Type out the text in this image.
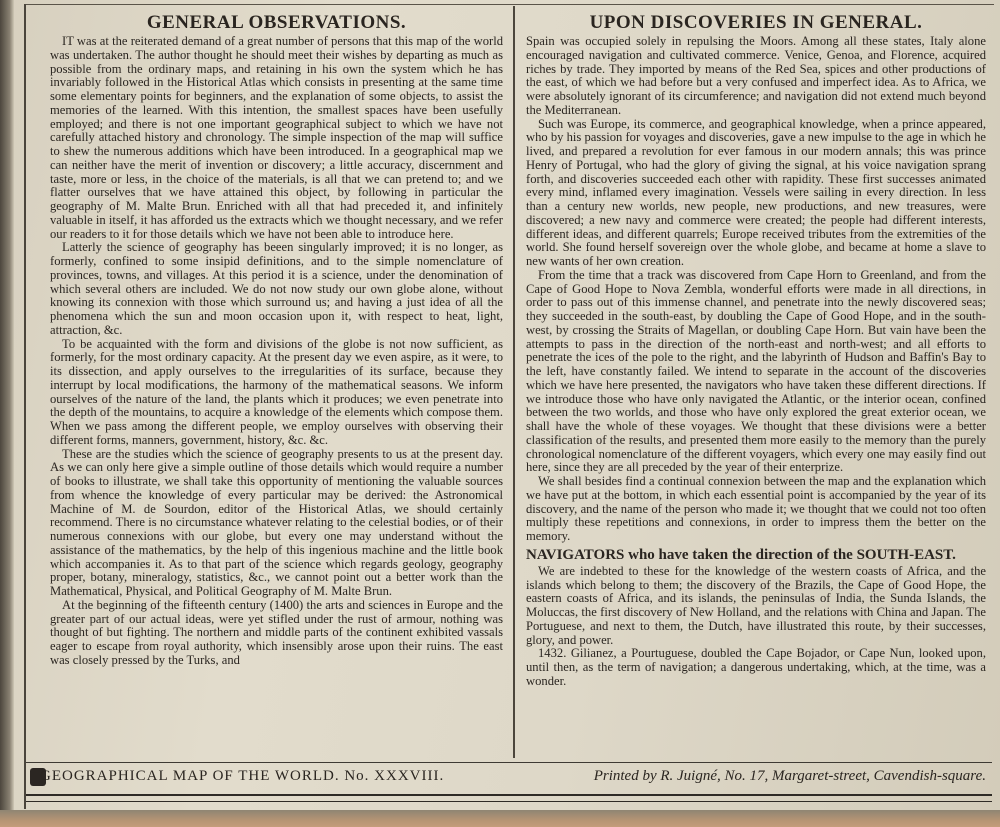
GENERAL OBSERVATIONS.

IT was at the reiterated demand of a great number of persons that this map of the world was undertaken. The author thought he should meet their wishes by departing as much as possible from the ordinary maps, and retaining in his own the system which he has invariably followed in the Historical Atlas which consists in presenting at the same time some elementary points for beginners, and the explanation of some objects, to assist the memories of the learned. With this intention, the smallest spaces have been usefully employed; and there is not one important geographical subject to which we have not carefully attached history and chronology. The simple inspection of the map will suffice to shew the numerous additions which have been introduced. In a geographical map we can neither have the merit of invention or discovery; a little accuracy, discernment and taste, more or less, in the choice of the materials, is all that we can pretend to; and we flatter ourselves that we have attained this object, by following in particular the geography of M. Malte Brun. Enriched with all that had preceded it, and infinitely valuable in itself, it has afforded us the extracts which we thought necessary, and we refer our readers to it for those details which we have not been able to introduce here.

Latterly the science of geography has beeen singularly improved; it is no longer, as formerly, confined to some insipid definitions, and to the simple nomenclature of provinces, towns, and villages. At this period it is a science, under the denomination of which several others are included. We do not now study our own globe alone, without knowing its connexion with those which surround us; and having a just idea of all the phenomena which the sun and moon occasion upon it, with respect to heat, light, attraction, &c.

To be acquainted with the form and divisions of the globe is not now sufficient, as formerly, for the most ordinary capacity. At the present day we even aspire, as it were, to its dissection, and apply ourselves to the irregularities of its surface, because they interrupt by local modifications, the harmony of the mathematical seasons. We inform ourselves of the nature of the land, the plants which it produces; we even penetrate into the depth of the mountains, to acquire a knowledge of the elements which compose them. When we pass among the different people, we employ ourselves with observing their different forms, manners, government, history, &c. &c.

These are the studies which the science of geography presents to us at the present day. As we can only here give a simple outline of those details which would require a number of books to illustrate, we shall take this opportunity of mentioning the valuable sources from whence the knowledge of every particular may be derived: the Astronomical Machine of M. de Sourdon, editor of the Historical Atlas, we should certainly recommend. There is no circumstance whatever relating to the celestial bodies, or of their numerous connexions with our globe, but every one may understand without the assistance of the mathematics, by the help of this ingenious machine and the little book which accompanies it. As to that part of the science which regards geology, geography proper, botany, mineralogy, statistics, &c., we cannot point out a better work than the Mathematical, Physical, and Political Geography of M. Malte Brun.

At the beginning of the fifteenth century (1400) the arts and sciences in Europe and the greater part of our actual ideas, were yet stifled under the rust of armour, nothing was thought of but fighting. The northern and middle parts of the continent exhibited vassals eager to escape from royal authority, which insensibly arose upon their ruins. The east was closely pressed by the Turks, and

UPON DISCOVERIES IN GENERAL.

Spain was occupied solely in repulsing the Moors. Among all these states, Italy alone encouraged navigation and cultivated commerce. Venice, Genoa, and Florence, acquired riches by trade. They imported by means of the Red Sea, spices and other productions of the east, of which we had before but a very confused and imperfect idea. As to Africa, we were absolutely ignorant of its circumference; and navigation did not extend much beyond the Mediterranean.

Such was Europe, its commerce, and geographical knowledge, when a prince appeared, who by his passion for voyages and discoveries, gave a new impulse to the age in which he lived, and prepared a revolution for ever famous in our modern annals; this was prince Henry of Portugal, who had the glory of giving the signal, at his voice navigation sprang forth, and discoveries succeeded each other with rapidity. These first successes animated every mind, inflamed every imagination. Vessels were sailing in every direction. In less than a century new worlds, new people, new productions, and new treasures, were discovered; a new navy and commerce were created; the people had different interests, different ideas, and different quarrels; Europe received tributes from the extremities of the world. She found herself sovereign over the whole globe, and became at home a slave to new wants of her own creation.

From the time that a track was discovered from Cape Horn to Greenland, and from the Cape of Good Hope to Nova Zembla, wonderful efforts were made in all directions, in order to pass out of this immense channel, and penetrate into the newly discovered seas; they succeeded in the south-east, by doubling the Cape of Good Hope, and in the south-west, by crossing the Straits of Magellan, or doubling Cape Horn. But vain have been the attempts to pass in the direction of the north-east and north-west; and all efforts to penetrate the ices of the pole to the right, and the labyrinth of Hudson and Baffin's Bay to the left, have constantly failed. We intend to separate in the account of the discoveries which we have here presented, the navigators who have taken these different directions. If we introduce those who have only navigated the Atlantic, or the interior ocean, confined between the two worlds, and those who have only explored the great exterior ocean, we shall have the whole of these voyages. We thought that these divisions were a better classification of the results, and presented them more easily to the memory than the purely chronological nomenclature of the different voyagers, which every one may easily find out here, since they are all preceded by the year of their enterprize.

We shall besides find a continual connexion between the map and the explanation which we have put at the bottom, in which each essential point is accompanied by the year of its discovery, and the name of the person who made it; we thought that we could not too often multiply these repetitions and connexions, in order to impress them the better on the memory.

NAVIGATORS who have taken the direction of the SOUTH-EAST.

We are indebted to these for the knowledge of the western coasts of Africa, and the islands which belong to them; the discovery of the Brazils, the Cape of Good Hope, the eastern coasts of Africa, and its islands, the peninsulas of India, the Sunda Islands, the Moluccas, the first discovery of New Holland, and the relations with China and Japan. The Portuguese, and next to them, the Dutch, have illustrated this route, by their successes, glory, and power.

1432. Gilianez, a Pourtuguese, doubled the Cape Bojador, or Cape Nun, looked upon, until then, as the term of navigation; a dangerous undertaking, which, at the time, was a wonder.

GEOGRAPHICAL MAP OF THE WORLD. No. XXXVIII.	Printed by R. Juigné, No. 17, Margaret-street, Cavendish-square.
